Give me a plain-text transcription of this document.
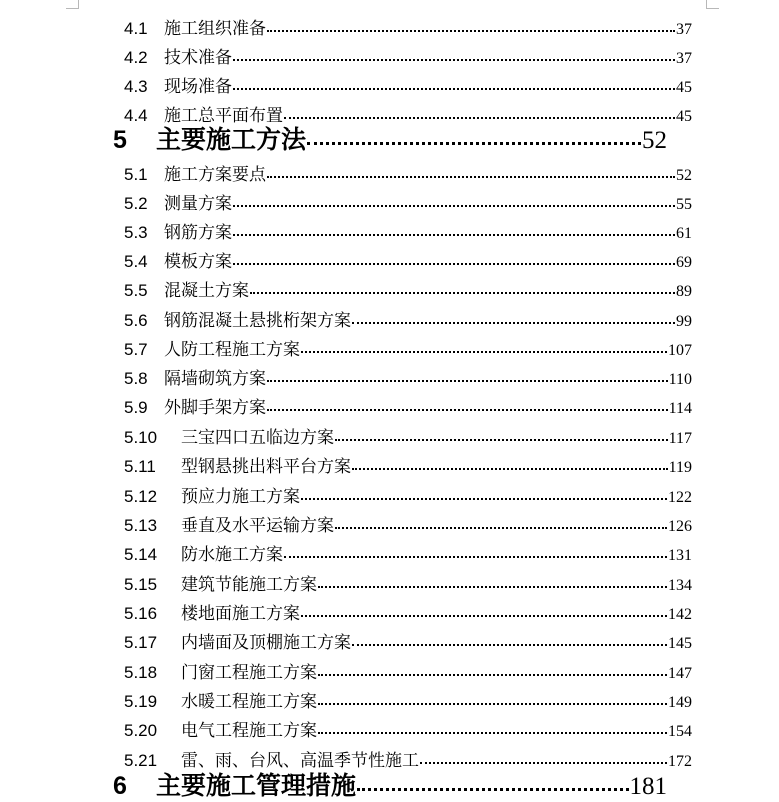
4.1 施工组织准备	37
4.2 技术准备	37
4.3 现场准备	45
4.4 施工总平面布置	45
5	主要施工方法	52
5.1 施工方案要点	52
5.2 测量方案	55
5.3 钢筋方案	61
5.4 模板方案	69
5.5 混凝土方案	89
5.6 钢筋混凝土悬挑桁架方案	99
5.7 人防工程施工方案	107
5.8 隔墙砌筑方案	110
5.9 外脚手架方案	114
5.10	三宝四口五临边方案	117
5.11	型钢悬挑出料平台方案	119
5.12	预应力施工方案	122
5.13	垂直及水平运输方案	126
5.14	防水施工方案	131
5.15	建筑节能施工方案	134
5.16	楼地面施工方案	142
5.17	内墙面及顶棚施工方案	145
5.18	门窗工程施工方案	147
5.19	水暖工程施工方案	149
5.20	电气工程施工方案	154
5.21	雷、雨、台风、高温季节性施工	172
6	主要施工管理措施	181
